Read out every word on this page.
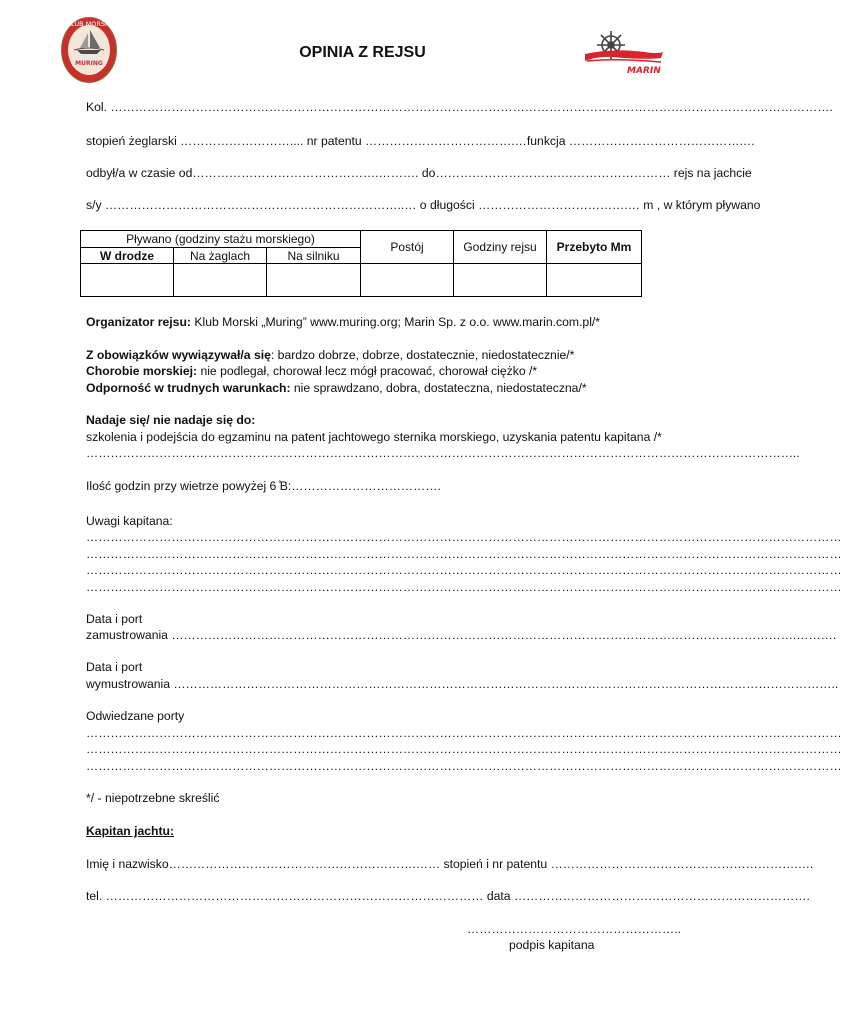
MURING
KLUB MORSKI
MARIN
OPINIA Z REJSU
Kol. …………………………………………………………………………………………………………………………………………………………….
stopień żeglarski ……………………….... nr patentu ……………………………….…funkcja …………………………………….…
odbył/a w czasie od……………………………………….………. do………………………….……………………… rejs na jachcie
s/y ………………………………………………………………..… o długości ……………………………….… m , w którym pływano
Pływano (godziny stażu morskiego)			Postój	Godziny rejsu	Przebyto Mm
W drodze	Na żaglach	Na silniku			

Organizator rejsu: Klub Morski „Muring” www.muring.org; Marin Sp. z o.o. www.marin.com.pl/*
Z obowiązków wywiązywał/a się: bardzo dobrze, dobrze, dostatecznie, niedostatecznie/*
Chorobie morskiej: nie podlegał, chorował lecz mógł pracować, chorował ciężko /*
Odporność w trudnych warunkach: nie sprawdzano, dobra, dostateczna, niedostateczna/*
Nadaje się/ nie nadaje się do:
szkolenia i podejścia do egzaminu na patent jachtowego sternika morskiego, uzyskania patentu kapitana /*
…………………………………………………………………………………………………………………………………………………………..
Ilość godzin przy wietrze powyżej 6 ̊B:……………………………….
Uwagi kapitana:
……………………………………………………………………………………………………………………………………………………………………
……………………………………………………………………………………………………………………………………………………………………
……………………………………………………………………………………………………………………………………………………………………
……………………………………………………………………………………………………………………………………………………………………
Data i port
zamustrowania ……………………………………………………………………………………………………………………………………….……….
Data i port
wymustrowania ………………………………………………………………………………………………………………………………………………..
Odwiedzane porty
……………………………………………………………………………………………………………………………………………………………………
……………………………………………………………………………………………………………………………………………………………………
……………………………………………………………………………………………………………………………………………………………………
*/ - niepotrzebne skreślić
Kapitan jachtu:
Imię i nazwisko…………………………………………………….…… stopień i nr patentu …………………………………………………….….
tel. ………………………………………………………………………………… data ……………………………………………………………….
……………………………………………..
podpis kapitana
